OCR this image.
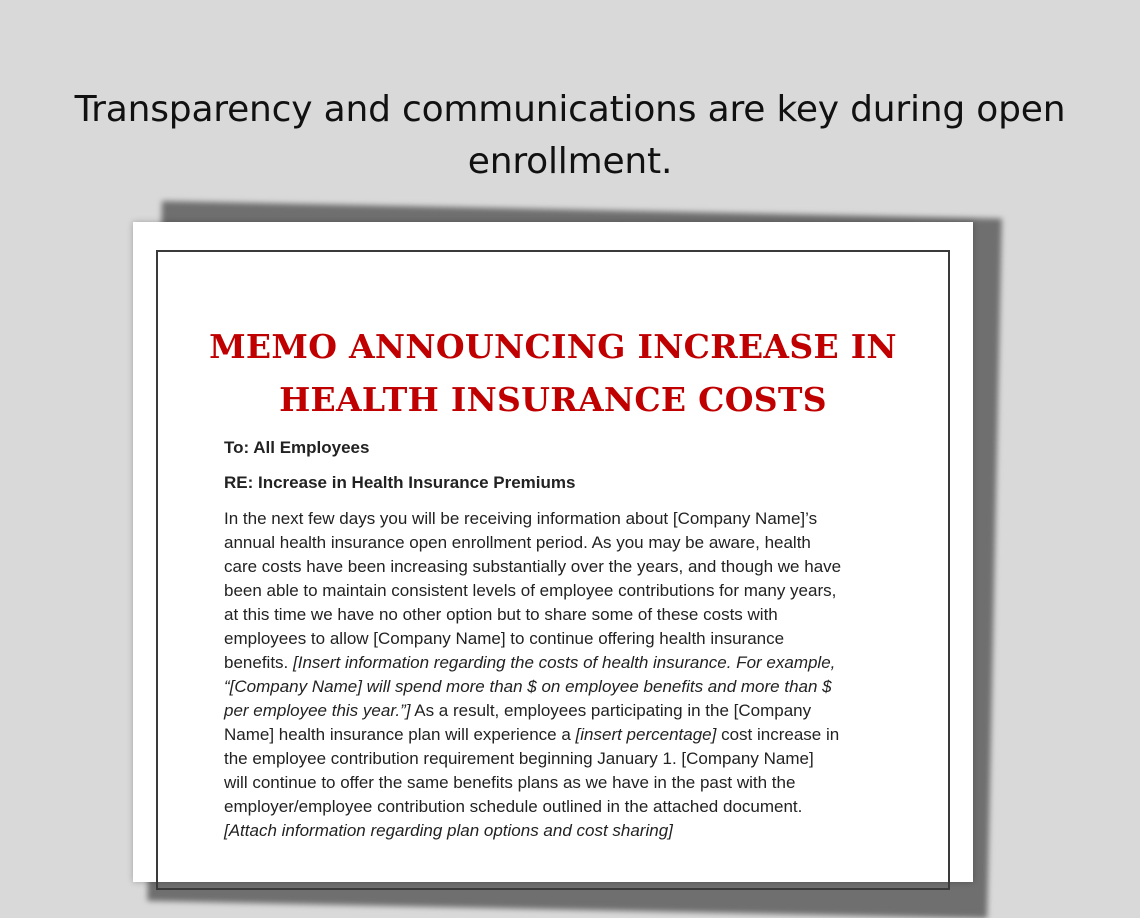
Transparency and communications are key during open
enrollment.
MEMO ANNOUNCING INCREASE IN
HEALTH INSURANCE COSTS
To: All Employees
RE: Increase in Health Insurance Premiums
In the next few days you will be receiving information about [Company Name]’s
annual health insurance open enrollment period. As you may be aware, health
care costs have been increasing substantially over the years, and though we have
been able to maintain consistent levels of employee contributions for many years,
at this time we have no other option but to share some of these costs with
employees to allow [Company Name] to continue offering health insurance
benefits. [Insert information regarding the costs of health insurance. For example,
“[Company Name] will spend more than $ on employee benefits and more than $
per employee this year.”] As a result, employees participating in the [Company
Name] health insurance plan will experience a [insert percentage] cost increase in
the employee contribution requirement beginning January 1. [Company Name]
will continue to offer the same benefits plans as we have in the past with the
employer/employee contribution schedule outlined in the attached document.
[Attach information regarding plan options and cost sharing]
